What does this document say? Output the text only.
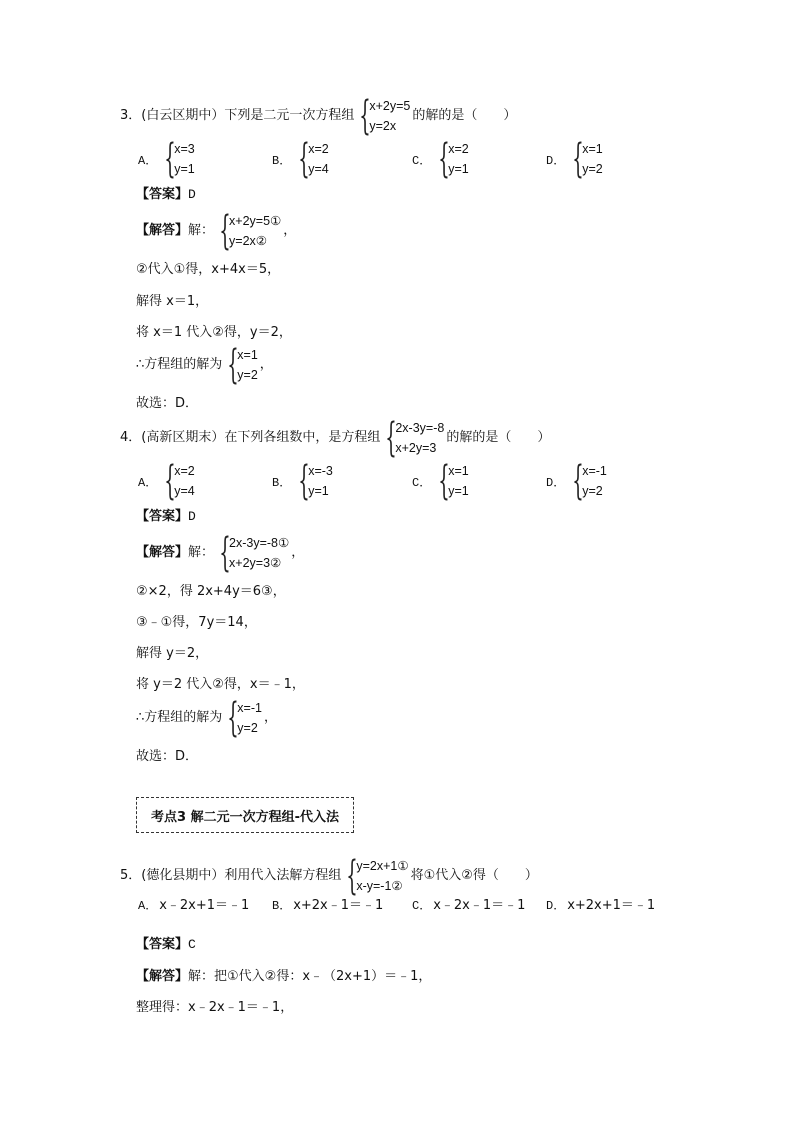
3．(白云区期中）下列是二元一次方程组 {
x+2y=5
y=2x
的解的是（　　）
A． {
x=3
y=1
B． {
x=2
y=4
C． {
x=2
y=1
D． {
x=1
y=2
【答案】 D
【解答】 解： {
x+2y=5①
y=2x②
，
②代入①得，x+4x＝5，
解得 x＝1，
将 x＝1 代入②得，y＝2，
∴方程组的解为 {
x=1
y=2
，
故选：D．
4．(高新区期末）在下列各组数中，是方程组 {
2x-3y=-8
x+2y=3
的解的是（　　）
A． {
x=2
y=4
B． {
x=-3
y=1
C． {
x=1
y=1
D． {
x=-1
y=2
【答案】 D
【解答】 解： {
2x-3y=-8①
x+2y=3②
，
②×2，得 2x+4y＝6③，
③﹣①得，7y＝14，
解得 y＝2，
将 y＝2 代入②得，x＝﹣1，
∴方程组的解为 {
x=-1
y=2
，
故选：D．
考点3 解二元一次方程组-代入法
5．(德化县期中）利用代入法解方程组 {
y=2x+1①
x-y=-1②
将①代入②得（　　）
A． x﹣2x+1＝﹣1 B． x+2x﹣1＝﹣1 C． x﹣2x﹣1＝﹣1 D． x+2x+1＝﹣1
【答案】 C
【解答】 解：把①代入②得：x﹣（2x+1）＝﹣1，
整理得：x﹣2x﹣1＝﹣1，
